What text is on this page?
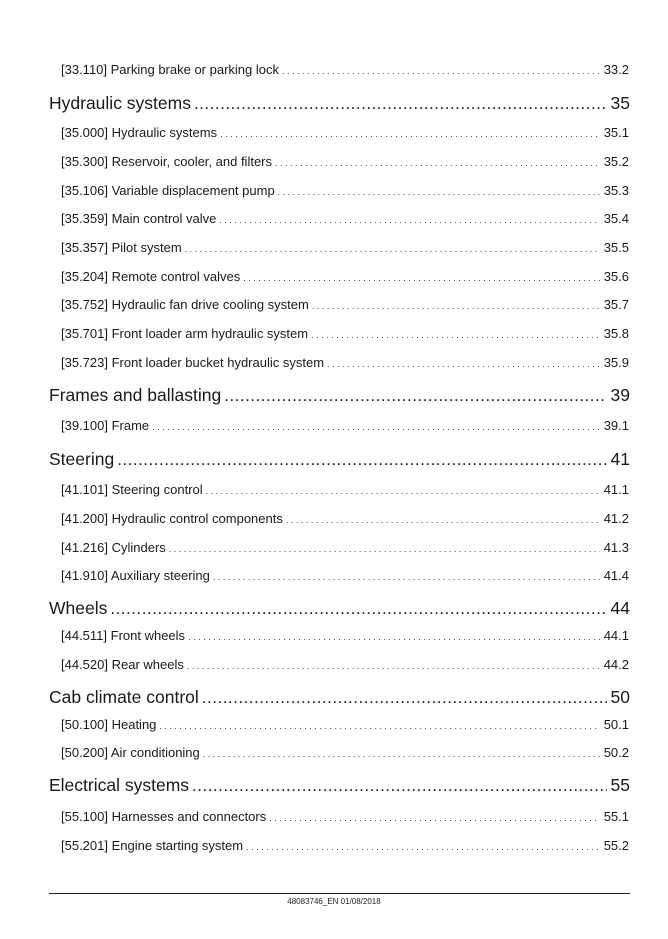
[33.110] Parking brake or parking lock . . .	33.2
Hydraulic systems .....	35
[35.000] Hydraulic systems . . .	35.1
[35.300] Reservoir, cooler, and filters . . .	35.2
[35.106] Variable displacement pump . . .	35.3
[35.359] Main control valve . . .	35.4
[35.357] Pilot system . . .	35.5
[35.204] Remote control valves . . .	35.6
[35.752] Hydraulic fan drive cooling system . . .	35.7
[35.701] Front loader arm hydraulic system . . .	35.8
[35.723] Front loader bucket hydraulic system . . .	35.9
Frames and ballasting .....	39
[39.100] Frame . . .	39.1
Steering .....	41
[41.101] Steering control . . .	41.1
[41.200] Hydraulic control components . . .	41.2
[41.216] Cylinders . . .	41.3
[41.910] Auxiliary steering . . .	41.4
Wheels .....	44
[44.511] Front wheels . . .	44.1
[44.520] Rear wheels . . .	44.2
Cab climate control .....	50
[50.100] Heating . . .	50.1
[50.200] Air conditioning . . .	50.2
Electrical systems .....	55
[55.100] Harnesses and connectors . . .	55.1
[55.201] Engine starting system . . .	55.2
48083746_EN 01/08/2018
